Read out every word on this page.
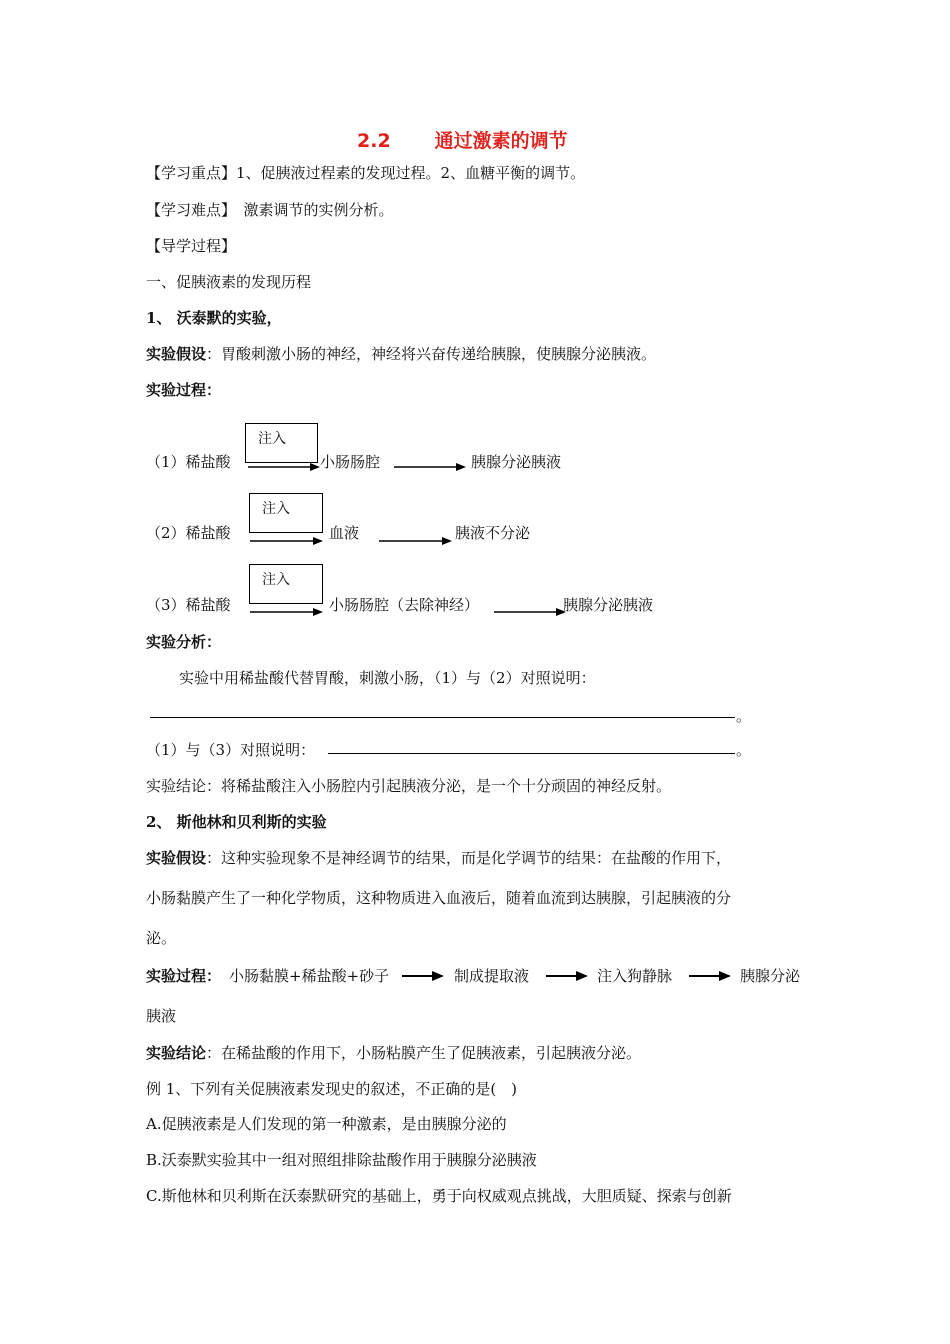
2.2 通过激素的调节
【学习重点】1、促胰液过程素的发现过程。2、血糖平衡的调节。
【学习难点】　激素调节的实例分析。
【导学过程】
一、促胰液素的发现历程
1、 沃泰默的实验，
实验假设：胃酸刺激小肠的神经，神经将兴奋传递给胰腺，使胰腺分泌胰液。
实验过程：
注入
（1）稀盐酸	小肠肠腔	胰腺分泌胰液
注入
（2）稀盐酸	血液	胰液不分泌
注入
（3）稀盐酸	小肠肠腔（去除神经）	胰腺分泌胰液
实验分析：
实验中用稀盐酸代替胃酸，刺激小肠，（1）与（2）对照说明：
。
（1）与（3）对照说明：	。
实验结论：将稀盐酸注入小肠腔内引起胰液分泌，是一个十分顽固的神经反射。
2、 斯他林和贝利斯的实验
实验假设：这种实验现象不是神经调节的结果，而是化学调节的结果：在盐酸的作用下，
小肠黏膜产生了一种化学物质，这种物质进入血液后，随着血流到达胰腺，引起胰液的分
泌。
实验过程： 小肠黏膜+稀盐酸+砂子	制成提取液	注入狗静脉	胰腺分泌
胰液
实验结论：在稀盐酸的作用下，小肠粘膜产生了促胰液素，引起胰液分泌。
例 1、下列有关促胰液素发现史的叙述，不正确的是(　)
A.促胰液素是人们发现的第一种激素，是由胰腺分泌的
B.沃泰默实验其中一组对照组排除盐酸作用于胰腺分泌胰液
C.斯他林和贝利斯在沃泰默研究的基础上，勇于向权威观点挑战，大胆质疑、探索与创新
